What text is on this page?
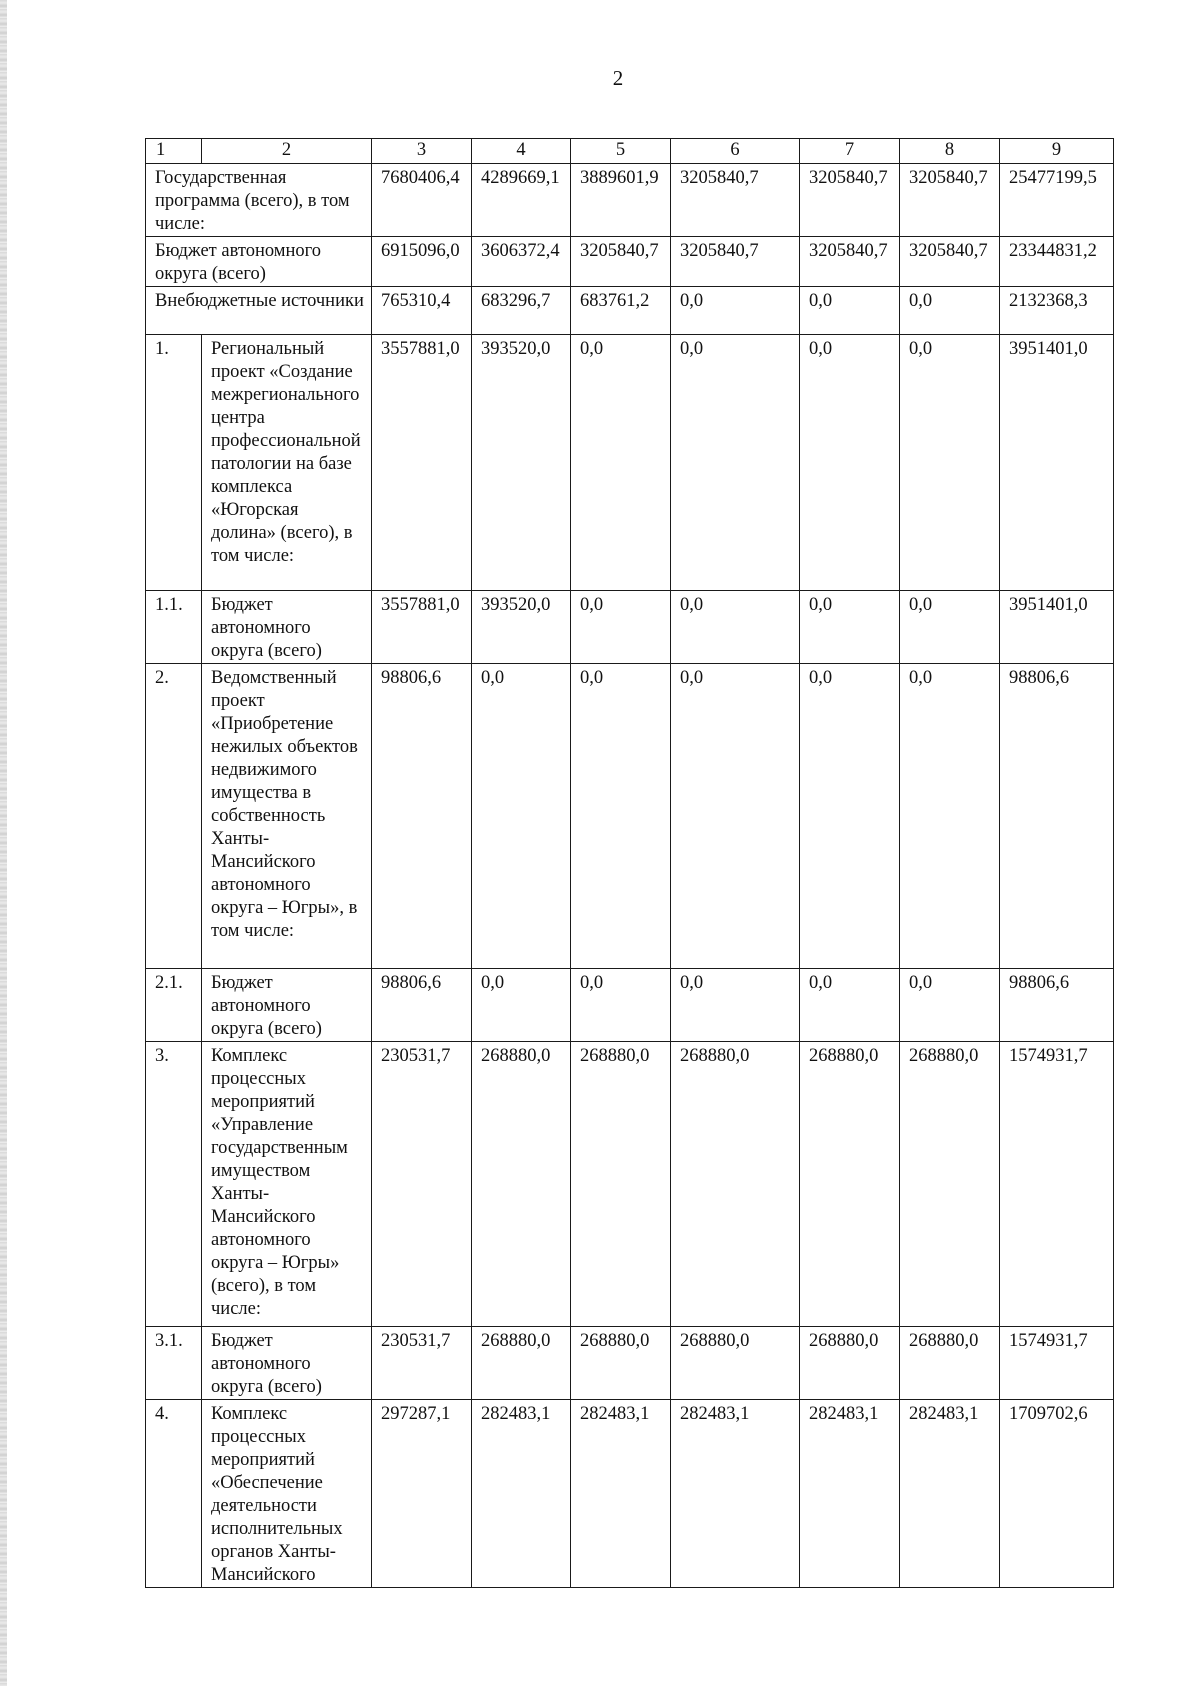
2
1	2	3	4	5	6	7	8	9
Государственная программа (всего), в том числе:		7680406,4	4289669,1	3889601,9	3205840,7	3205840,7	3205840,7	25477199,5
Бюджет автономного округа (всего)		6915096,0	3606372,4	3205840,7	3205840,7	3205840,7	3205840,7	23344831,2
Внебюджетные источники		765310,4	683296,7	683761,2	0,0	0,0	0,0	2132368,3
1.	Региональный проект «Создание межрегионального центра профессиональной патологии на базе комплекса «Югорская долина» (всего), в том числе:	3557881,0	393520,0	0,0	0,0	0,0	0,0	3951401,0
1.1.	Бюджет автономного округа (всего)	3557881,0	393520,0	0,0	0,0	0,0	0,0	3951401,0
2.	Ведомственный проект «Приобретение нежилых объектов недвижимого имущества в собственность Ханты-Мансийского автономного округа – Югры», в том числе:	98806,6	0,0	0,0	0,0	0,0	0,0	98806,6
2.1.	Бюджет автономного округа (всего)	98806,6	0,0	0,0	0,0	0,0	0,0	98806,6
3.	Комплекс процессных мероприятий «Управление государственным имуществом Ханты-Мансийского автономного округа – Югры» (всего), в том числе:	230531,7	268880,0	268880,0	268880,0	268880,0	268880,0	1574931,7
3.1.	Бюджет автономного округа (всего)	230531,7	268880,0	268880,0	268880,0	268880,0	268880,0	1574931,7
4.	Комплекс процессных мероприятий «Обеспечение деятельности исполнительных органов Ханты-Мансийского	297287,1	282483,1	282483,1	282483,1	282483,1	282483,1	1709702,6
